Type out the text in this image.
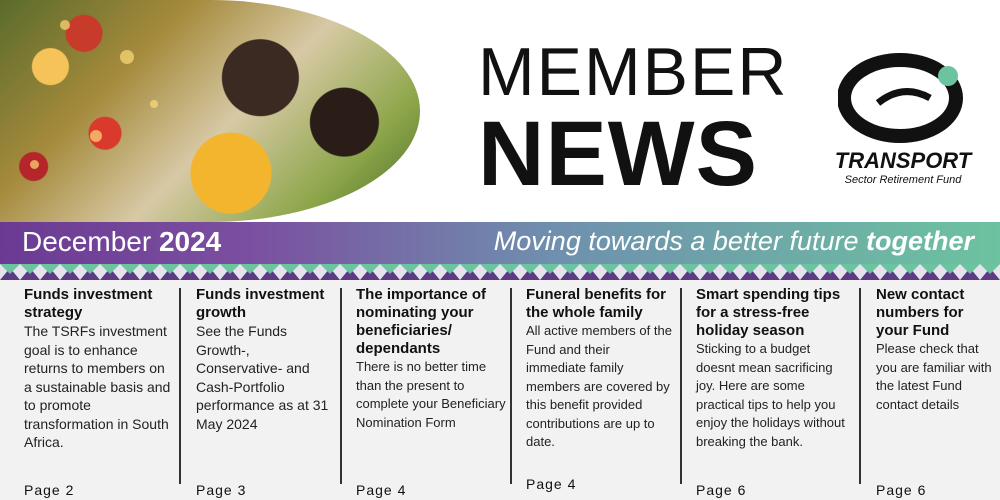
MEMBER
NEWS	TRANSPORT
Sector Retirement Fund
December 2024	Moving towards a better future together
Funds investment strategy

The TSRFs investment goal is to enhance returns to members on a sustainable basis and to promote transformation in South Africa.

Page 2
Funds investment growth

See the Funds Growth-, Conservative- and Cash-Portfolio performance as at 31 May 2024

Page 3
The importance of nominating your beneficiaries/ dependants

There is no better time than the present to complete your Beneficiary Nomination Form

Page 4
Funeral benefits for the whole family

All active members of the Fund and their immediate family members are covered by this benefit provided contributions are up to date.

Page 4
Smart spending tips for a stress-free holiday season

Sticking to a budget doesnt mean sacrificing joy. Here are some practical tips to help you enjoy the holidays without breaking the bank.

Page 6
New contact numbers for your Fund

Please check that you are familiar with the latest Fund contact details

Page 6
